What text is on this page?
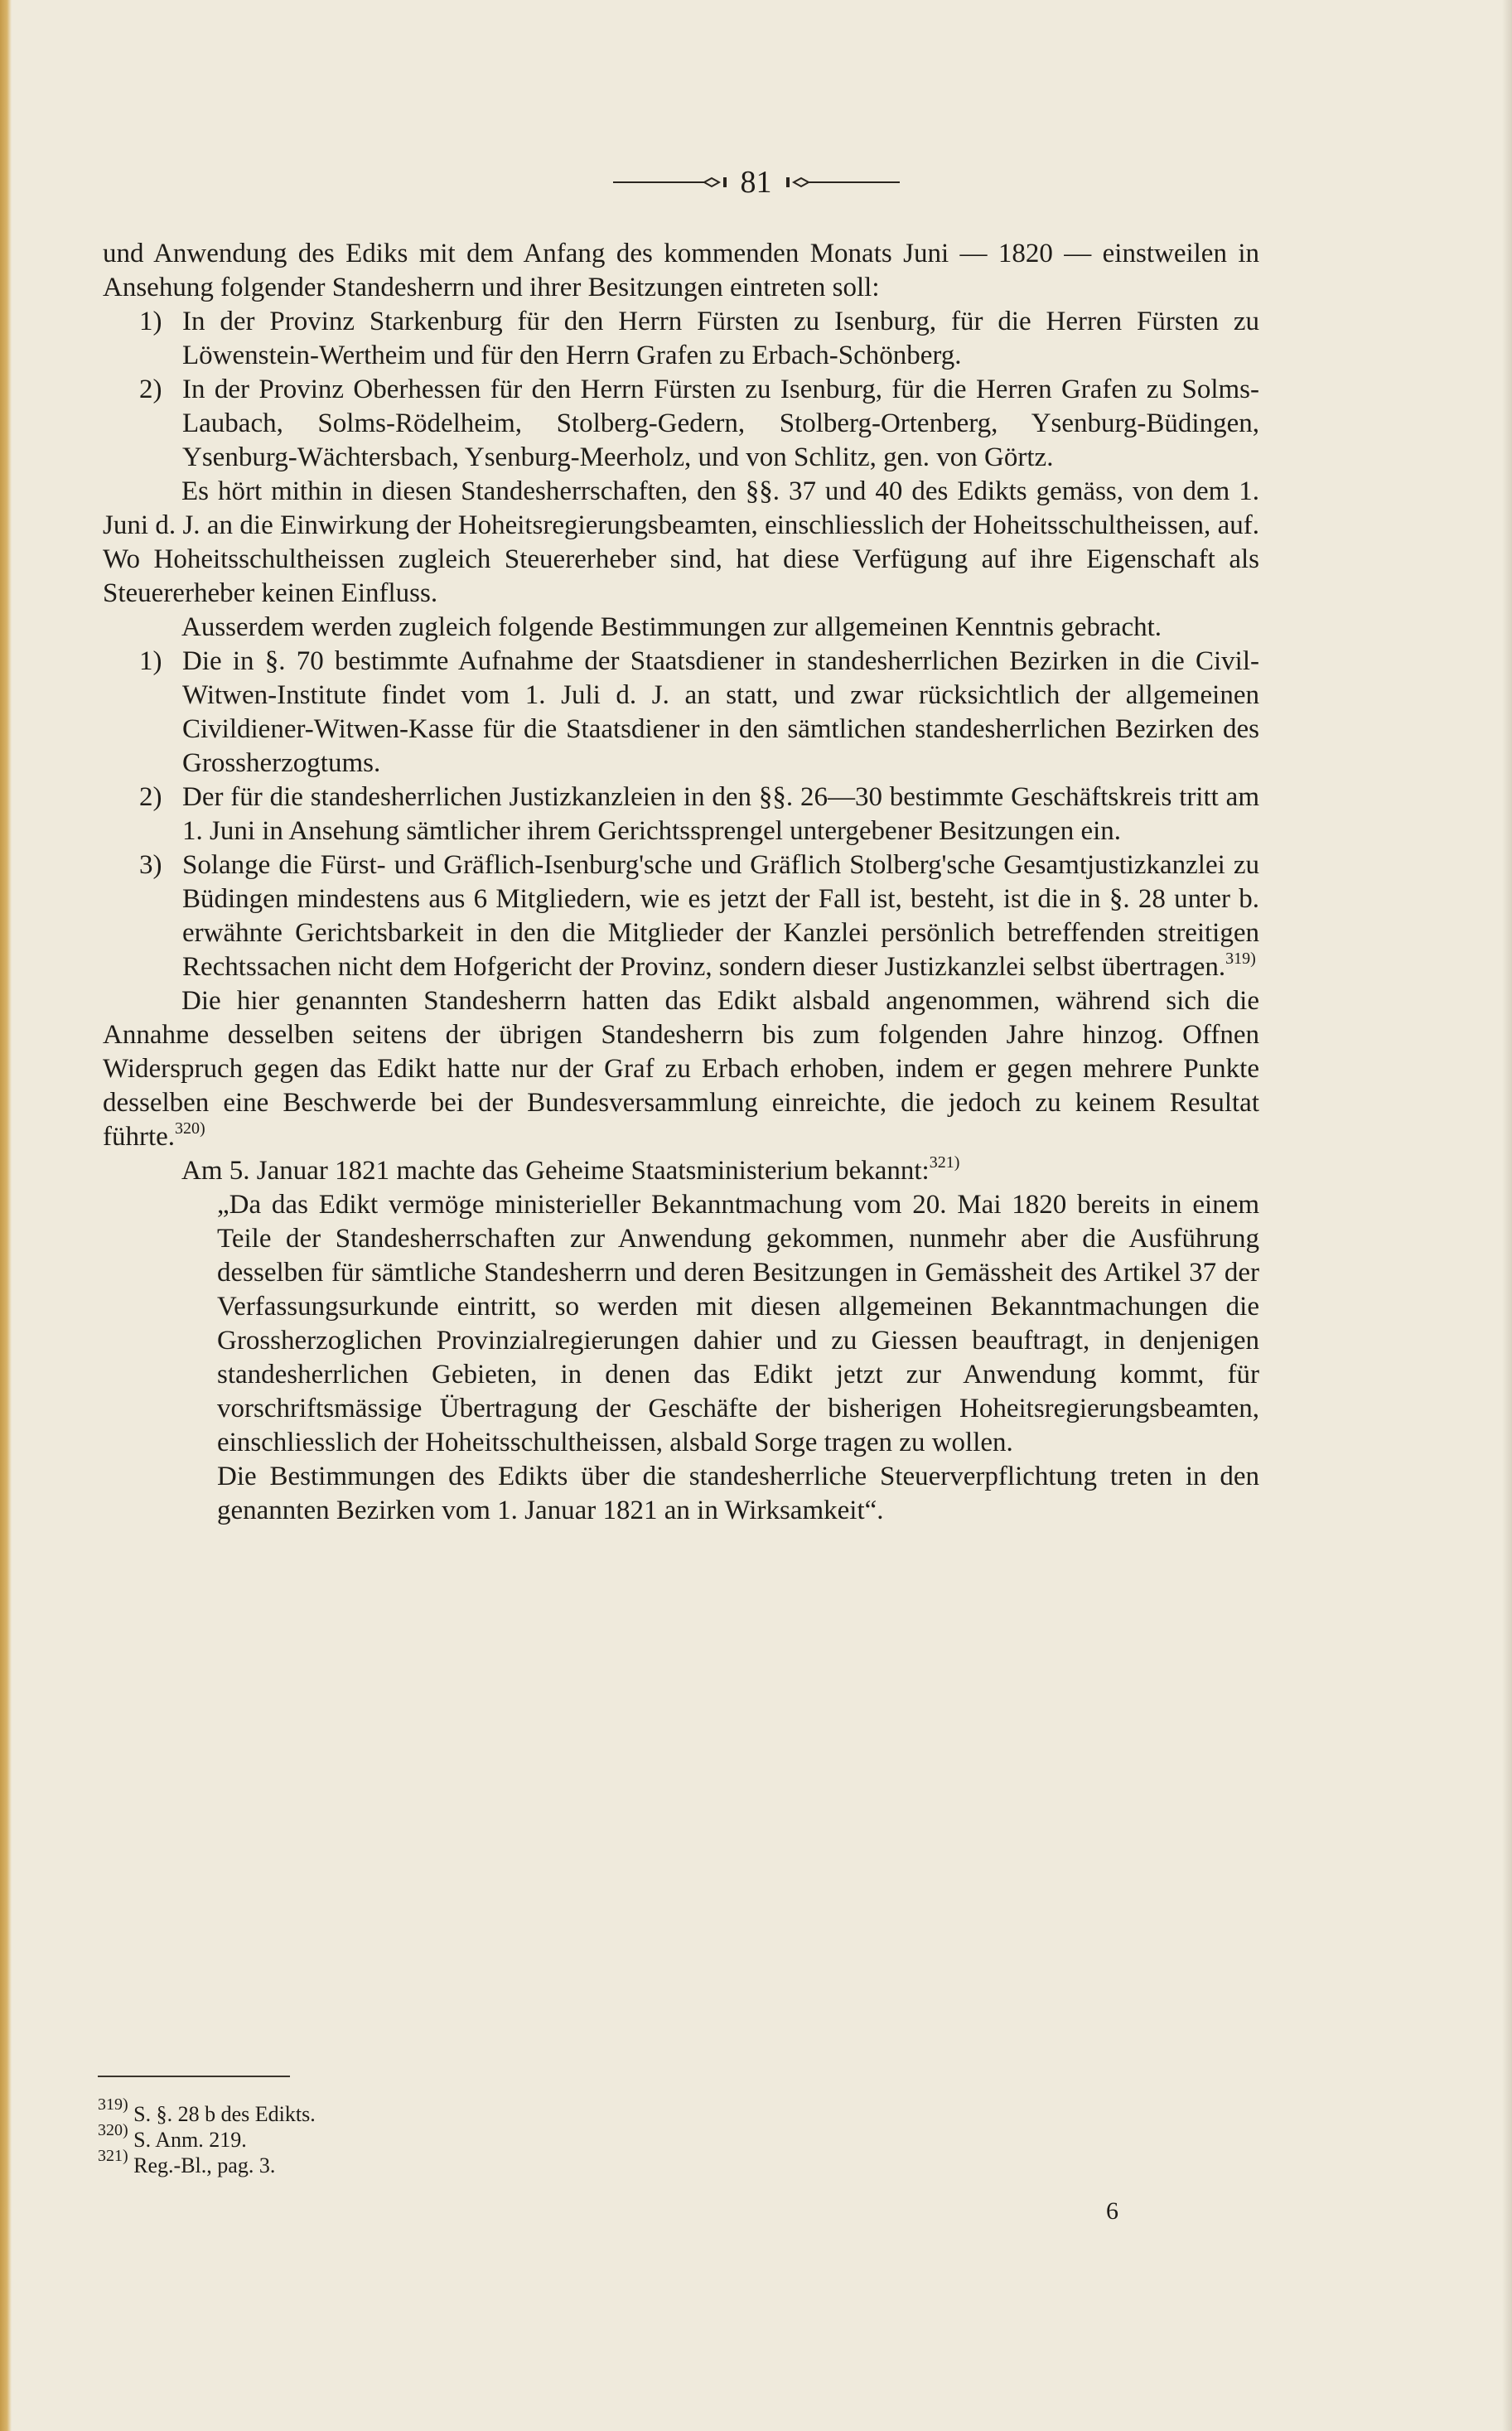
81

und Anwendung des Ediks mit dem Anfang des kommenden Monats Juni — 1820 — einstweilen in Ansehung folgender Standesherrn und ihrer Besitzungen eintreten soll:

1) In der Provinz Starkenburg für den Herrn Fürsten zu Isenburg, für die Herren Fürsten zu Löwenstein-Wertheim und für den Herrn Grafen zu Erbach-Schönberg.
2) In der Provinz Oberhessen für den Herrn Fürsten zu Isenburg, für die Herren Grafen zu Solms-Laubach, Solms-Rödelheim, Stolberg-Gedern, Stolberg-Ortenberg, Ysenburg-Büdingen, Ysenburg-Wächtersbach, Ysenburg-Meerholz, und von Schlitz, gen. von Görtz.

Es hört mithin in diesen Standesherrschaften, den §§. 37 und 40 des Edikts gemäss, von dem 1. Juni d. J. an die Einwirkung der Hoheitsregierungsbeamten, einschliesslich der Hoheitsschultheissen, auf. Wo Hoheitsschultheissen zugleich Steuererheber sind, hat diese Verfügung auf ihre Eigenschaft als Steuererheber keinen Einfluss.

Ausserdem werden zugleich folgende Bestimmungen zur allgemeinen Kenntnis gebracht.

1) Die in §. 70 bestimmte Aufnahme der Staatsdiener in standesherrlichen Bezirken in die Civil-Witwen-Institute findet vom 1. Juli d. J. an statt, und zwar rücksichtlich der allgemeinen Civildiener-Witwen-Kasse für die Staatsdiener in den sämtlichen standesherrlichen Bezirken des Grossherzogtums.
2) Der für die standesherrlichen Justizkanzleien in den §§. 26—30 bestimmte Geschäftskreis tritt am 1. Juni in Ansehung sämtlicher ihrem Gerichtssprengel untergebener Besitzungen ein.
3) Solange die Fürst- und Gräflich-Isenburg'sche und Gräflich Stolberg'sche Gesamtjustizkanzlei zu Büdingen mindestens aus 6 Mitgliedern, wie es jetzt der Fall ist, besteht, ist die in §. 28 unter b. erwähnte Gerichtsbarkeit in den die Mitglieder der Kanzlei persönlich betreffenden streitigen Rechtssachen nicht dem Hofgericht der Provinz, sondern dieser Justizkanzlei selbst übertragen.$^{319)}$

Die hier genannten Standesherrn hatten das Edikt alsbald angenommen, während sich die Annahme desselben seitens der übrigen Standesherrn bis zum folgenden Jahre hinzog. Offnen Widerspruch gegen das Edikt hatte nur der Graf zu Erbach erhoben, indem er gegen mehrere Punkte desselben eine Beschwerde bei der Bundesversammlung einreichte, die jedoch zu keinem Resultat führte.$^{320)}$

Am 5. Januar 1821 machte das Geheime Staatsministerium bekannt:$^{321)}$

„Da das Edikt vermöge ministerieller Bekanntmachung vom 20. Mai 1820 bereits in einem Teile der Standesherrschaften zur Anwendung gekommen, nunmehr aber die Ausführung desselben für sämtliche Standesherrn und deren Besitzungen in Gemässheit des Artikel 37 der Verfassungsurkunde eintritt, so werden mit diesen allgemeinen Bekanntmachungen die Grossherzoglichen Provinzialregierungen dahier und zu Giessen beauftragt, in denjenigen standesherrlichen Gebieten, in denen das Edikt jetzt zur Anwendung kommt, für vorschriftsmässige Übertragung der Geschäfte der bisherigen Hoheitsregierungsbeamten, einschliesslich der Hoheitsschultheissen, alsbald Sorge tragen zu wollen.

Die Bestimmungen des Edikts über die standesherrliche Steuerverpflichtung treten in den genannten Bezirken vom 1. Januar 1821 an in Wirksamkeit“.

$^{319)}$ S. §. 28 b des Edikts.
$^{320)}$ S. Anm. 219.
$^{321)}$ Reg.-Bl., pag. 3.
6
